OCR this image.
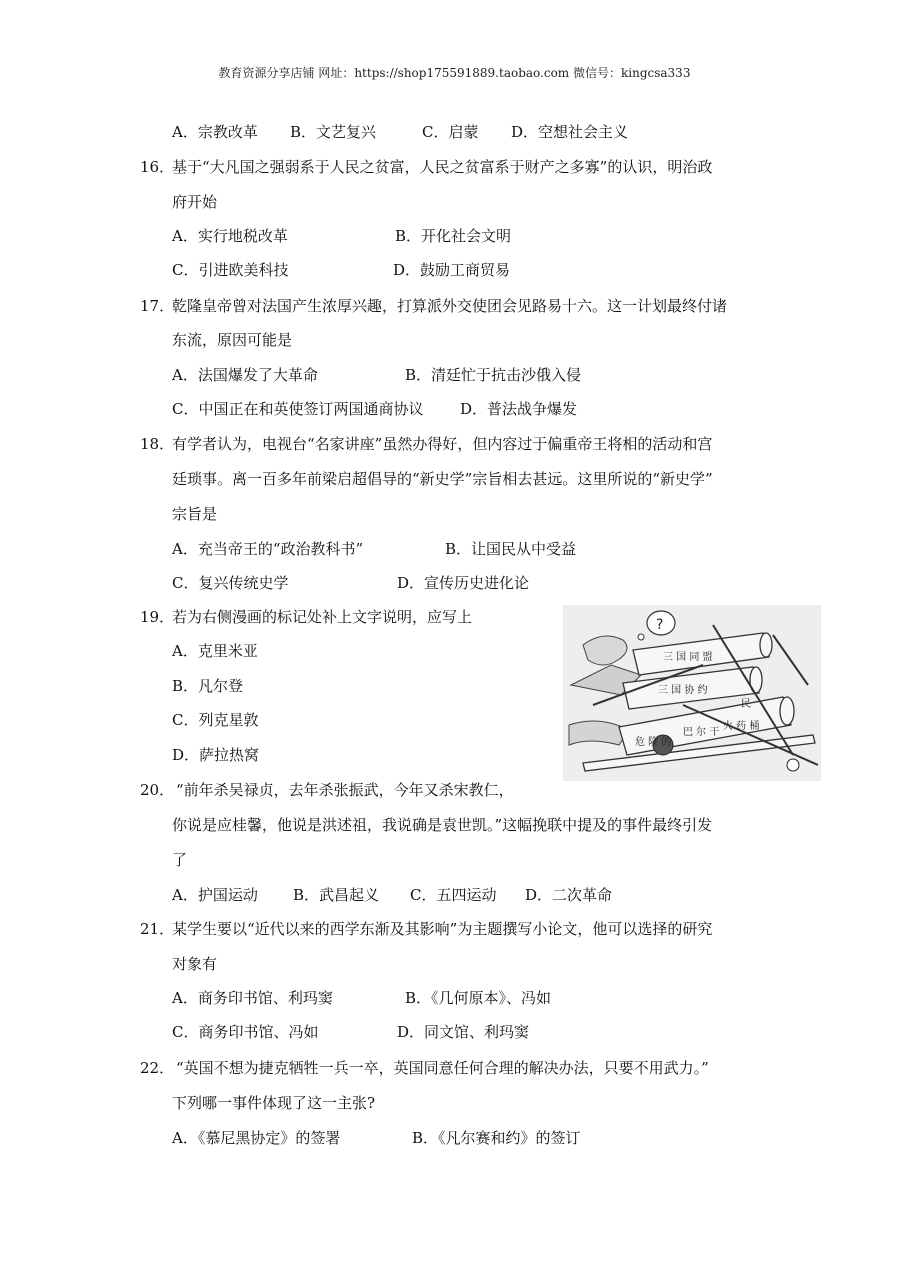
教育资源分享店铺 网址：https://shop175591889.taobao.com 微信号：kingcsa333
A．宗教改革 B．文艺复兴	C．启蒙 D．空想社会主义
16．
基于“大凡国之强弱系于人民之贫富，人民之贫富系于财产之多寡”的认识，明治政
府开始
A．实行地税改革	B．开化社会文明
C．引进欧美科技	D．鼓励工商贸易
17．
乾隆皇帝曾对法国产生浓厚兴趣，打算派外交使团会见路易十六。这一计划最终付诸
东流，原因可能是
A．法国爆发了大革命	B．清廷忙于抗击沙俄入侵
C．中国正在和英使签订两国通商协议 D．普法战争爆发
18．
有学者认为，电视台“名家讲座”虽然办得好，但内容过于偏重帝王将相的活动和宫
廷琐事。离一百多年前梁启超倡导的“新史学”宗旨相去甚远。这里所说的“新史学”
宗旨是
A．充当帝王的“政治教科书”	B．让国民从中受益
C．复兴传统史学	D．宣传历史进化论
19．
若为右侧漫画的标记处补上文字说明，应写上
A．克里米亚
B．凡尔登
C．列克星敦
D．萨拉热窝
?
三 国 同 盟
三 国 协 约
危 险 的
巴 尔 干
火 药 桶
民
20． “前年杀吴禄贞，去年杀张振武，今年又杀宋教仁，
你说是应桂馨，他说是洪述祖，我说确是袁世凯。”这幅挽联中提及的事件最终引发
了
A．护国运动 B．武昌起义 C．五四运动 D．二次革命
21．
某学生要以“近代以来的西学东渐及其影响”为主题撰写小论文，他可以选择的研究
对象有
A．商务印书馆、利玛窦	B．《几何原本》、冯如
C．商务印书馆、冯如	D．同文馆、利玛窦
22． “英国不想为捷克牺牲一兵一卒，英国同意任何合理的解决办法，只要不用武力。”
下列哪一事件体现了这一主张?
A．《慕尼黑协定》的签署	B．《凡尔赛和约》的签订
